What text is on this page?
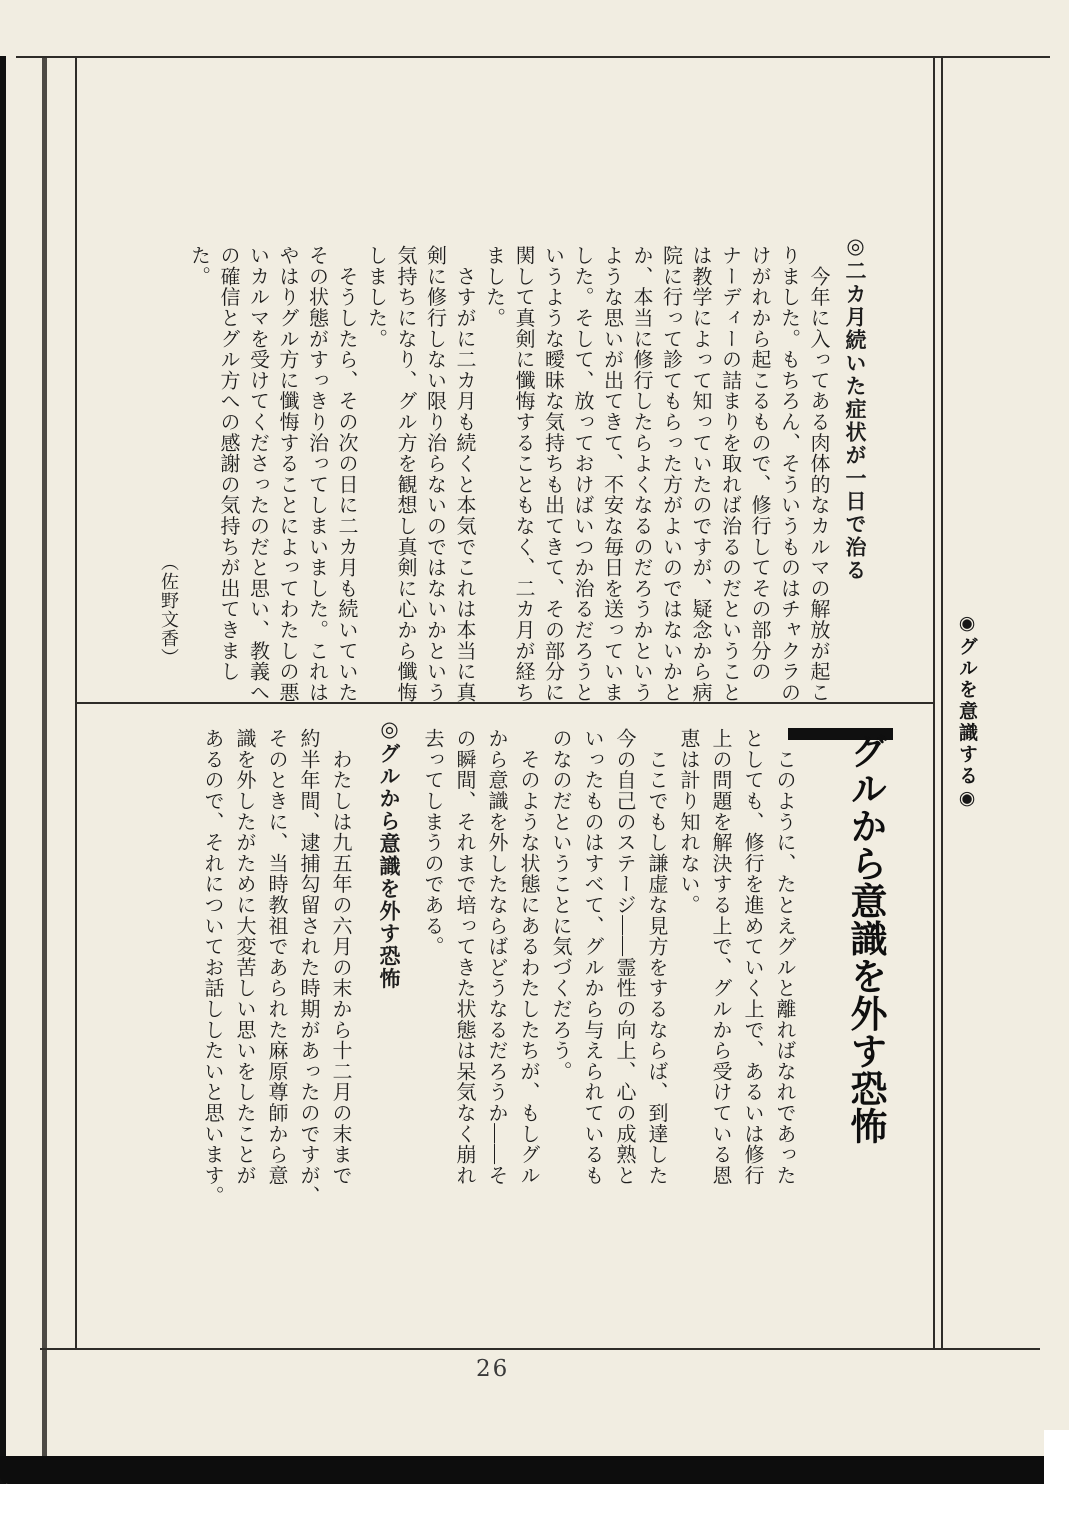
◉グルを意識する◉
◎二カ月続いた症状が一日で治る
　今年に入ってある肉体的なカルマの解放が起こ
りました。もちろん、そういうものはチャクラの
けがれから起こるもので、修行してその部分の
ナーディーの詰まりを取れば治るのだということ
は教学によって知っていたのですが、疑念から病
院に行って診てもらった方がよいのではないかと
か、本当に修行したらよくなるのだろうかという
ような思いが出てきて、不安な毎日を送っていま
した。そして、放っておけばいつか治るだろうと
いうような曖昧な気持ちも出てきて、その部分に
関して真剣に懺悔することもなく、二カ月が経ち
ました。
　さすがに二カ月も続くと本気でこれは本当に真
剣に修行しない限り治らないのではないかという
気持ちになり、グル方を観想し真剣に心から懺悔
しました。
　そうしたら、その次の日に二カ月も続いていた
その状態がすっきり治ってしまいました。これは
やはりグル方に懺悔することによってわたしの悪
いカルマを受けてくださったのだと思い、教義へ
の確信とグル方への感謝の気持ちが出てきまし
た。
（佐野文香）
グルから意識を外す恐怖
　このように、たとえグルと離ればなれであった
としても、修行を進めていく上で、あるいは修行
上の問題を解決する上で、グルから受けている恩
恵は計り知れない。
　ここでもし謙虚な見方をするならば、到達した
今の自己のステージ——霊性の向上、心の成熟と
いったものはすべて、グルから与えられているも
のなのだということに気づくだろう。
　そのような状態にあるわたしたちが、もしグル
から意識を外したならばどうなるだろうか——そ
の瞬間、それまで培ってきた状態は呆気なく崩れ
去ってしまうのである。
◎グルから意識を外す恐怖
　わたしは九五年の六月の末から十二月の末まで
約半年間、逮捕勾留された時期があったのですが、
そのときに、当時教祖であられた麻原尊師から意
識を外したがために大変苦しい思いをしたことが
あるので、それについてお話ししたいと思います。
26
